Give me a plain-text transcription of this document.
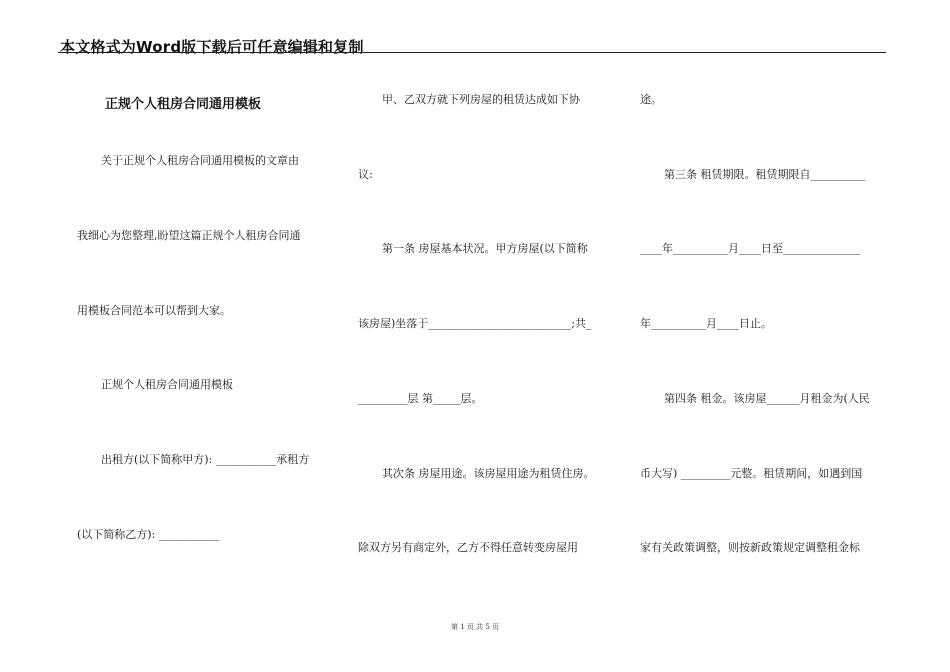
本文格式为Word版下载后可任意编辑和复制
正规个人租房合同通用模板
关于正规个人租房合同通用模板的文章由
我细心为您整理,盼望这篇正规个人租房合同通
用模板合同范本可以帮到大家。
正规个人租房合同通用模板
出租方(以下简称甲方): ___________承租方
(以下简称乙方): ___________
甲、乙双方就下列房屋的租赁达成如下协
议:
第一条 房屋基本状况。甲方房屋(以下简称
该房屋)坐落于__________________________;共_
_________层 第_____层。
其次条 房屋用途。该房屋用途为租赁住房。
除双方另有商定外，乙方不得任意转变房屋用
途。
第三条 租赁期限。租赁期限自__________
____年__________月____日至______________
年__________月____日止。
第四条 租金。该房屋______月租金为(人民
币大写) _________元整。租赁期间，如遇到国
家有关政策调整，则按新政策规定调整租金标
第 1 页 共 5 页
